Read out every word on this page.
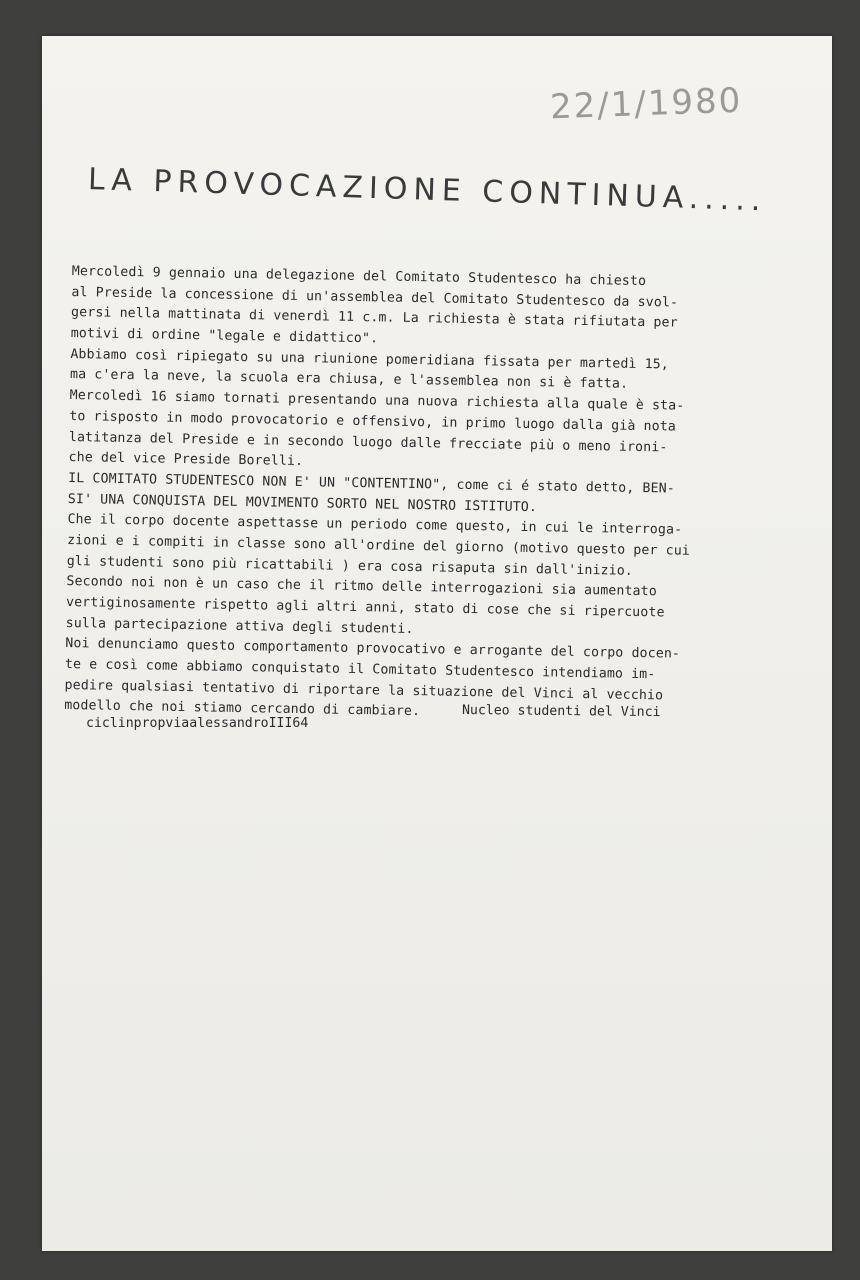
22/1/1980
LA PROVOCAZIONE CONTINUA.....
Mercoledì 9 gennaio una delegazione del Comitato Studentesco ha chiesto
al Preside la concessione di un'assemblea del Comitato Studentesco da svol-
gersi nella mattinata di venerdì 11 c.m. La richiesta è stata rifiutata per
motivi di ordine "legale e didattico".
Abbiamo così ripiegato su una riunione pomeridiana fissata per martedì 15,
ma c'era la neve, la scuola era chiusa, e l'assemblea non si è fatta.
Mercoledì 16 siamo tornati presentando una nuova richiesta alla quale è sta-
to risposto in modo provocatorio e offensivo, in primo luogo dalla già nota
latitanza del Preside e in secondo luogo dalle frecciate più o meno ironi-
che del vice Preside Borelli.
IL COMITATO STUDENTESCO NON E' UN "CONTENTINO", come ci é stato detto, BEN-
SI' UNA CONQUISTA DEL MOVIMENTO SORTO NEL NOSTRO ISTITUTO.
Che il corpo docente aspettasse un periodo come questo, in cui le interroga-
zioni e i compiti in classe sono all'ordine del giorno (motivo questo per cui
gli studenti sono più ricattabili ) era cosa risaputa sin dall'inizio.
Secondo noi non è un caso che il ritmo delle interrogazioni sia aumentato
vertiginosamente rispetto agli altri anni, stato di cose che si ripercuote
sulla partecipazione attiva degli studenti.
Noi denunciamo questo comportamento provocativo e arrogante del corpo docen-
te e così come abbiamo conquistato il Comitato Studentesco intendiamo im-
pedire qualsiasi tentativo di riportare la situazione del Vinci al vecchio
modello che noi stiamo cercando di cambiare.	Nucleo studenti del Vinci
ciclinpropviaalessandroIII64
